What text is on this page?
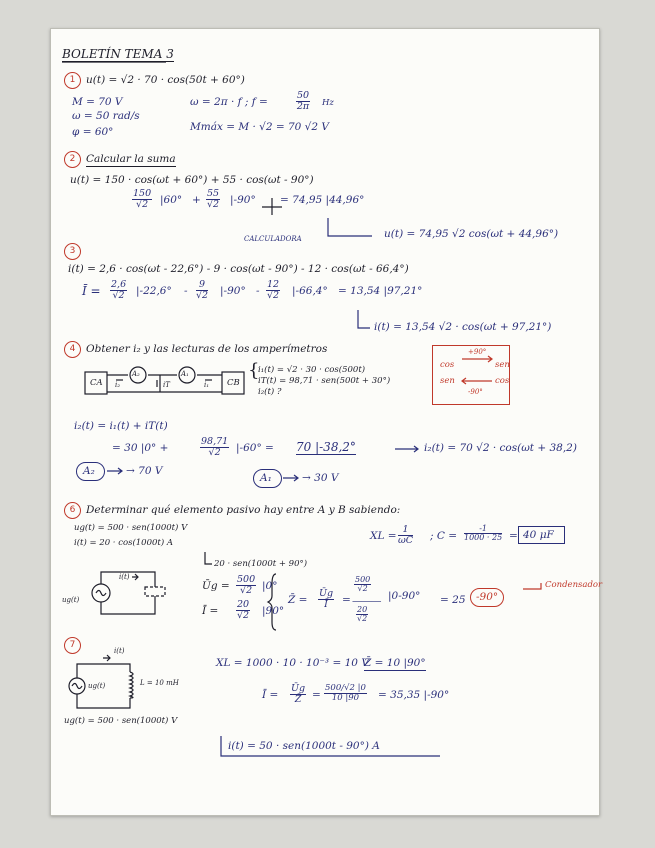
BOLETÍN TEMA 3
1	u(t) = √2 · 70 · cos(50t + 60°)
M = 70 V
ω = 50 rad/s
φ = 60°
ω = 2π · f ; f =	$\frac{50}{2\pi}$ Hz
Mmáx = M · √2 = 70 √2 V
2	Calcular la suma
u(t) = 150 · cos(ωt + 60°) + 55 · cos(ωt - 90°)
$\frac{150}{√2} |60^\circ + \frac{55}{√2} |-90^\circ = 74,95$ |44,96°
CALCULADORA	u(t) = 74,95 √2 cos(ωt + 44,96°)
3
i(t) = 2,6 · cos(ωt - 22,6°) - 9 · cos(ωt - 90°) - 12 · cos(ωt - 66,4°)
Ī = $\frac{2,6}{√2} |-22,6^\circ - \frac{9}{√2} |-90^\circ - \frac{12}{√2} |-66,4^\circ = 13,54$ |97,21°
i(t) = 13,54 √2 · cos(ωt + 97,21°)
4	Obtener i₂ y las lecturas de los amperímetros
CA	CB
A₂	A₁
i₂	iT	i₁
{
i₁(t) = √2 · 30 · cos(500t)
iT(t) = 98,71 · sen(500t + 30°)
i₂(t) ?
+90°
cos	sen
sen	cos
-90°
i₂(t) = i₁(t) + iT(t)
= 30 |0° +	$\frac{98,71}{√2} |-60^\circ = 70$ |-38,2°	i₂(t) = 70 √2 · cos(ωt + 38,2)
A₂	→ 70 V
A₁	→ 30 V
6	Determinar qué elemento pasivo hay entre A y B sabiendo:
ug(t) = 500 · sen(1000t) V
i(t) = 20 · cos(1000t) A
XL = $\frac{1}{\omega C}$ ; $C = \frac{-1}{1000 \cdot 25} = 40$ μF
20 · sen(1000t + 90°)
i(t)
ug(t)
Ūg = $\frac{500}{√2} |0^\circ$
Ī = $\frac{20}{√2} |90^\circ$
Z̄ = $\frac{Ūg}{Ī}$ =
$\frac{500}{√2}$
———
$\frac{20}{√2}$
|0-90° = 25	-90°
Condensador
7
i(t)
ug(t)	L = 10 mH
XL = 1000 · 10 · 10⁻³ = 10 V
Z̄ = 10 |90°
Ī = $\frac{Ūg}{Z̄} = \frac{500/√2 |0}{10 |90} = 35,35$ |-90°
ug(t) = 500 · sen(1000t) V
i(t) = 50 · sen(1000t - 90°) A
